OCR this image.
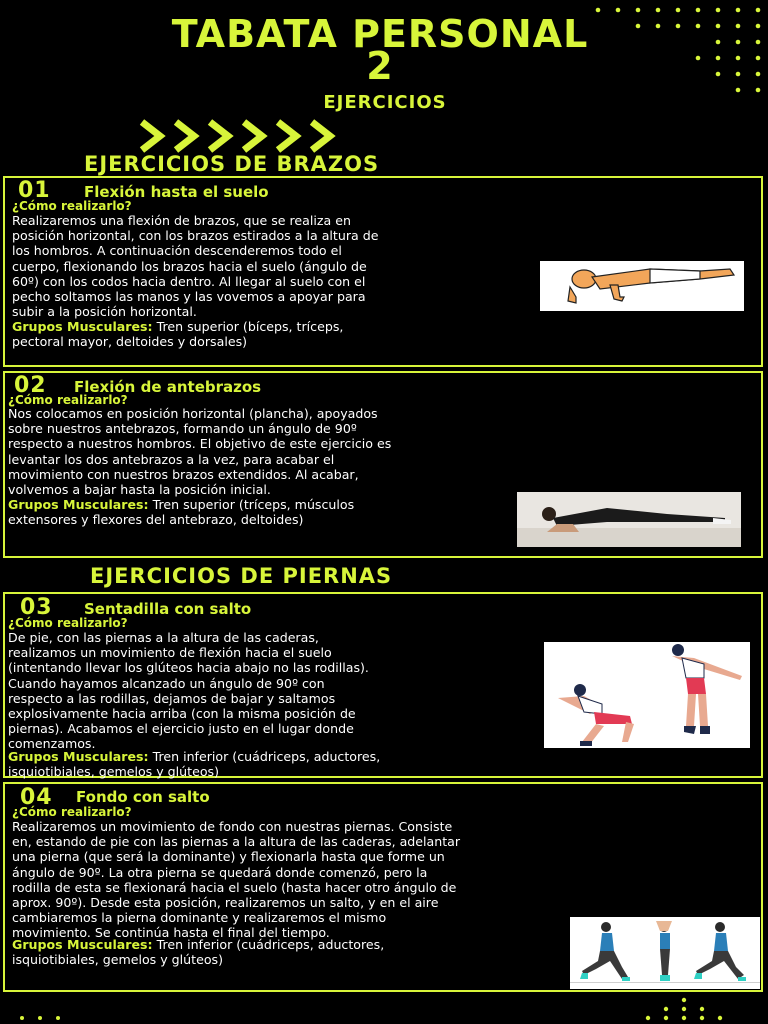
TABATA PERSONAL
2
EJERCICIOS
EJERCICIOS DE BRAZOS
01 Flexión hasta el suelo
¿Cómo realizarlo?
Realizaremos una flexión de brazos, que se realiza en
posición horizontal, con los brazos estirados a la altura de
los hombros. A continuación descenderemos todo el
cuerpo, flexionando los brazos hacia el suelo (ángulo de
60º) con los codos hacia dentro. Al llegar al suelo con el
pecho soltamos las manos y las vovemos a apoyar para
subir a la posición horizontal.
Grupos Musculares: Tren superior (bíceps, tríceps,
pectoral mayor, deltoides y dorsales)
02 Flexión de antebrazos
¿Cómo realizarlo?
Nos colocamos en posición horizontal (plancha), apoyados
sobre nuestros antebrazos, formando un ángulo de 90º
respecto a nuestros hombros. El objetivo de este ejercicio es
levantar los dos antebrazos a la vez, para acabar el
movimiento con nuestros brazos extendidos. Al acabar,
volvemos a bajar hasta la posición inicial.
Grupos Musculares: Tren superior (tríceps, músculos
extensores y flexores del antebrazo, deltoides)
EJERCICIOS DE PIERNAS
03 Sentadilla con salto
¿Cómo realizarlo?
De pie, con las piernas a la altura de las caderas,
realizamos un movimiento de flexión hacia el suelo
(intentando llevar los glúteos hacia abajo no las rodillas).
Cuando hayamos alcanzado un ángulo de 90º con
respecto a las rodillas, dejamos de bajar y saltamos
explosivamente hacia arriba (con la misma posición de
piernas). Acabamos el ejercicio justo en el lugar donde
comenzamos.
Grupos Musculares: Tren inferior (cuádriceps, aductores,
isquiotibiales, gemelos y glúteos)
04 Fondo con salto
¿Cómo realizarlo?
Realizaremos un movimiento de fondo con nuestras piernas. Consiste
en, estando de pie con las piernas a la altura de las caderas, adelantar
una pierna (que será la dominante) y flexionarla hasta que forme un
ángulo de 90º. La otra pierna se quedará donde comenzó, pero la
rodilla de esta se flexionará hacia el suelo (hasta hacer otro ángulo de
aprox. 90º). Desde esta posición, realizaremos un salto, y en el aire
cambiaremos la pierna dominante y realizaremos el mismo
movimiento. Se continúa hasta el final del tiempo.
Grupos Musculares: Tren inferior (cuádriceps, aductores,
isquiotibiales, gemelos y glúteos)
